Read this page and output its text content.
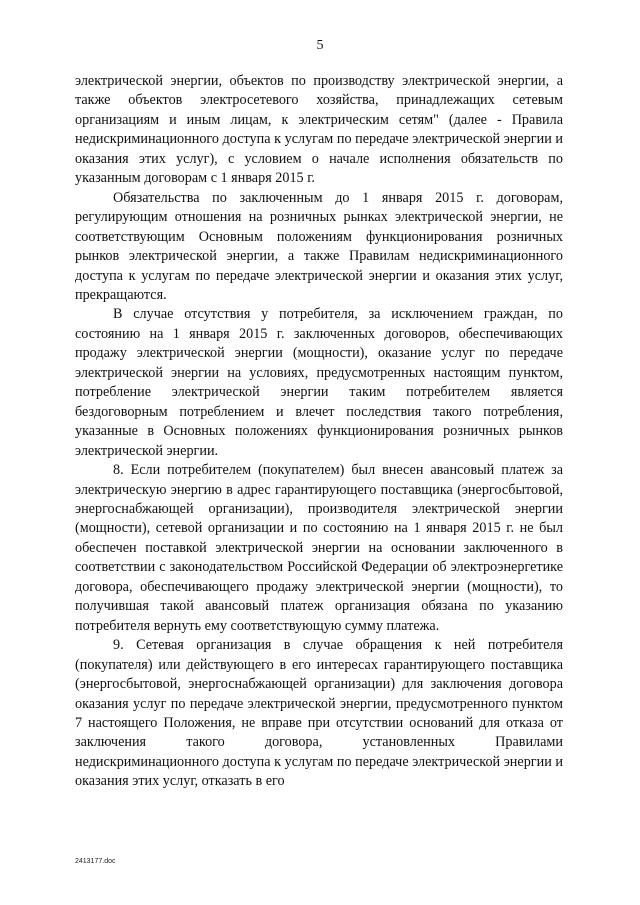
5

электрической энергии, объектов по производству электрической энергии, а также объектов электросетевого хозяйства, принадлежащих сетевым организациям и иным лицам, к электрическим сетям" (далее - Правила недискриминационного доступа к услугам по передаче электрической энергии и оказания этих услуг), с условием о начале исполнения обязательств по указанным договорам с 1 января 2015 г.

Обязательства по заключенным до 1 января 2015 г. договорам, регулирующим отношения на розничных рынках электрической энергии, не соответствующим Основным положениям функционирования розничных рынков электрической энергии, а также Правилам недискриминационного доступа к услугам по передаче электрической энергии и оказания этих услуг, прекращаются.

В случае отсутствия у потребителя, за исключением граждан, по состоянию на 1 января 2015 г. заключенных договоров, обеспечивающих продажу электрической энергии (мощности), оказание услуг по передаче электрической энергии на условиях, предусмотренных настоящим пунктом, потребление электрической энергии таким потребителем является бездоговорным потреблением и влечет последствия такого потребления, указанные в Основных положениях функционирования розничных рынков электрической энергии.

8. Если потребителем (покупателем) был внесен авансовый платеж за электрическую энергию в адрес гарантирующего поставщика (энергосбытовой, энергоснабжающей организации), производителя электрической энергии (мощности), сетевой организации и по состоянию на 1 января 2015 г. не был обеспечен поставкой электрической энергии на основании заключенного в соответствии с законодательством Российской Федерации об электроэнергетике договора, обеспечивающего продажу электрической энергии (мощности), то получившая такой авансовый платеж организация обязана по указанию потребителя вернуть ему соответствующую сумму платежа.

9. Сетевая организация в случае обращения к ней потребителя (покупателя) или действующего в его интересах гарантирующего поставщика (энергосбытовой, энергоснабжающей организации) для заключения договора оказания услуг по передаче электрической энергии, предусмотренного пунктом 7 настоящего Положения, не вправе при отсутствии оснований для отказа от заключения такого договора, установленных Правилами недискриминационного доступа к услугам по передаче электрической энергии и оказания этих услуг, отказать в его

2413177.doc
